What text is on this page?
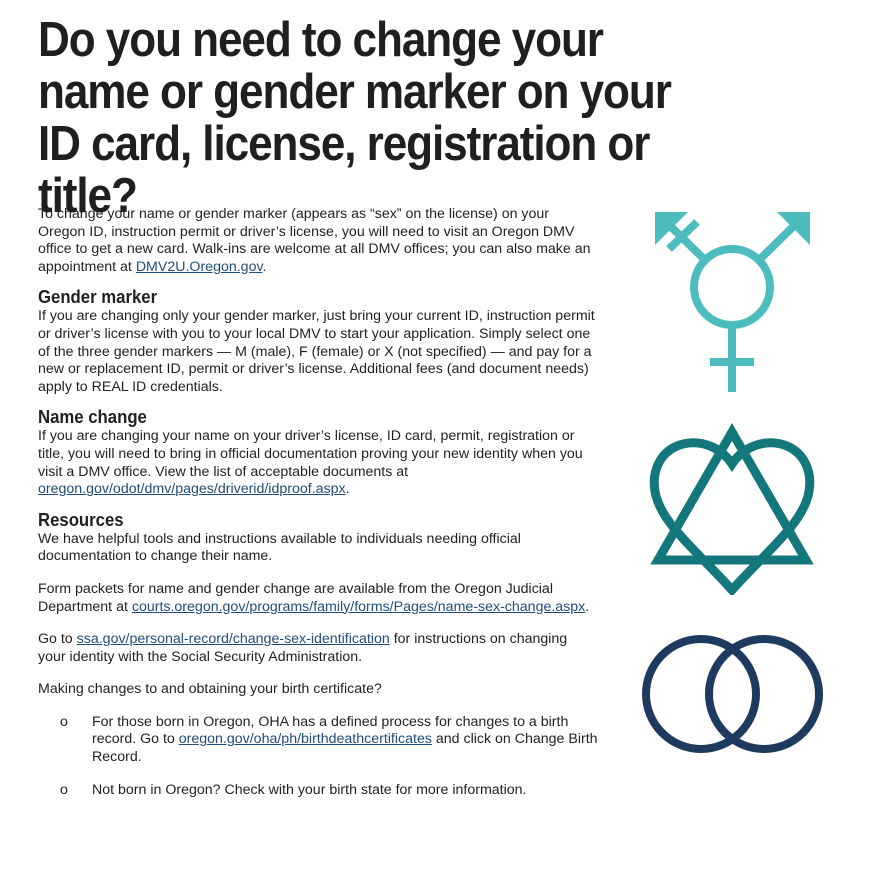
Do you need to change your name or gender marker on your ID card, license, registration or title?

To change your name or gender marker (appears as “sex” on the license) on your Oregon ID, instruction permit or driver’s license, you will need to visit an Oregon DMV office to get a new card. Walk-ins are welcome at all DMV offices; you can also make an appointment at DMV2U.Oregon.gov.

Gender marker

If you are changing only your gender marker, just bring your current ID, instruction permit or driver’s license with you to your local DMV to start your application. Simply select one of the three gender markers — M (male), F (female) or X (not specified) — and pay for a new or replacement ID, permit or driver’s license. Additional fees (and document needs) apply to REAL ID credentials.

Name change

If you are changing your name on your driver’s license, ID card, permit, registration or title, you will need to bring in official documentation proving your new identity when you visit a DMV office. View the list of acceptable documents at oregon.gov/odot/dmv/pages/driverid/idproof.aspx.

Resources

We have helpful tools and instructions available to individuals needing official documentation to change their name.

Form packets for name and gender change are available from the Oregon Judicial Department at courts.oregon.gov/programs/family/forms/Pages/name-sex-change.aspx.

Go to ssa.gov/personal-record/change-sex-identification for instructions on changing your identity with the Social Security Administration.

Making changes to and obtaining your birth certificate?

o For those born in Oregon, OHA has a defined process for changes to a birth record. Go to oregon.gov/oha/ph/birthdeathcertificates and click on Change Birth Record.
o Not born in Oregon? Check with your birth state for more information.
